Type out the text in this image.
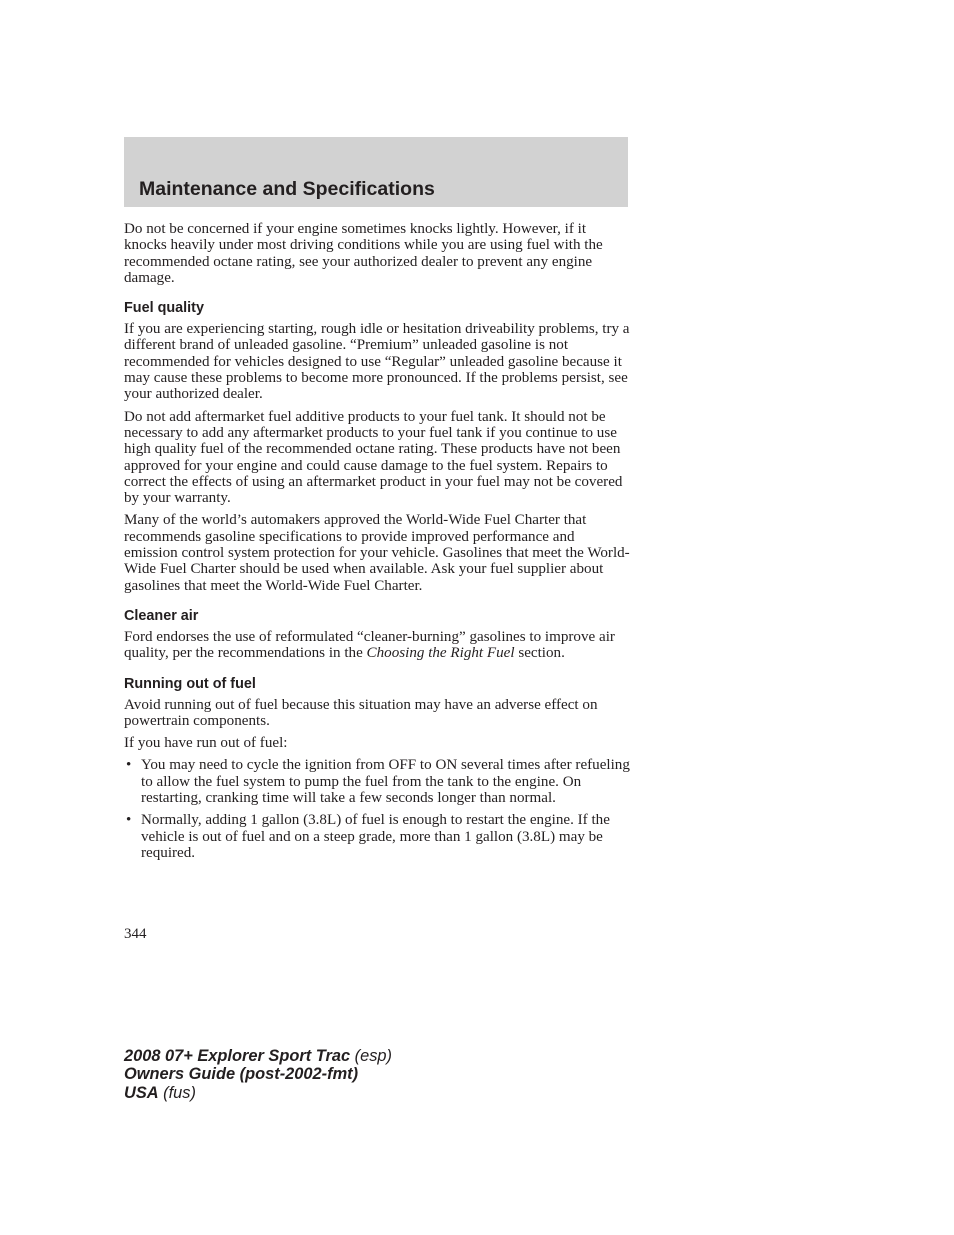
Maintenance and Specifications

Do not be concerned if your engine sometimes knocks lightly. However, if it knocks heavily under most driving conditions while you are using fuel with the recommended octane rating, see your authorized dealer to prevent any engine damage.

Fuel quality

If you are experiencing starting, rough idle or hesitation driveability problems, try a different brand of unleaded gasoline. “Premium” unleaded gasoline is not recommended for vehicles designed to use “Regular” unleaded gasoline because it may cause these problems to become more pronounced. If the problems persist, see your authorized dealer.

Do not add aftermarket fuel additive products to your fuel tank. It should not be necessary to add any aftermarket products to your fuel tank if you continue to use high quality fuel of the recommended octane rating. These products have not been approved for your engine and could cause damage to the fuel system. Repairs to correct the effects of using an aftermarket product in your fuel may not be covered by your warranty.

Many of the world’s automakers approved the World-Wide Fuel Charter that recommends gasoline specifications to provide improved performance and emission control system protection for your vehicle. Gasolines that meet the World-Wide Fuel Charter should be used when available. Ask your fuel supplier about gasolines that meet the World-Wide Fuel Charter.

Cleaner air

Ford endorses the use of reformulated “cleaner-burning” gasolines to improve air quality, per the recommendations in the Choosing the Right Fuel section.

Running out of fuel

Avoid running out of fuel because this situation may have an adverse effect on powertrain components.

If you have run out of fuel:

• You may need to cycle the ignition from OFF to ON several times after refueling to allow the fuel system to pump the fuel from the tank to the engine. On restarting, cranking time will take a few seconds longer than normal.
• Normally, adding 1 gallon (3.8L) of fuel is enough to restart the engine. If the vehicle is out of fuel and on a steep grade, more than 1 gallon (3.8L) may be required.
344
2008 07+ Explorer Sport Trac (esp)
Owners Guide (post-2002-fmt)
USA (fus)
